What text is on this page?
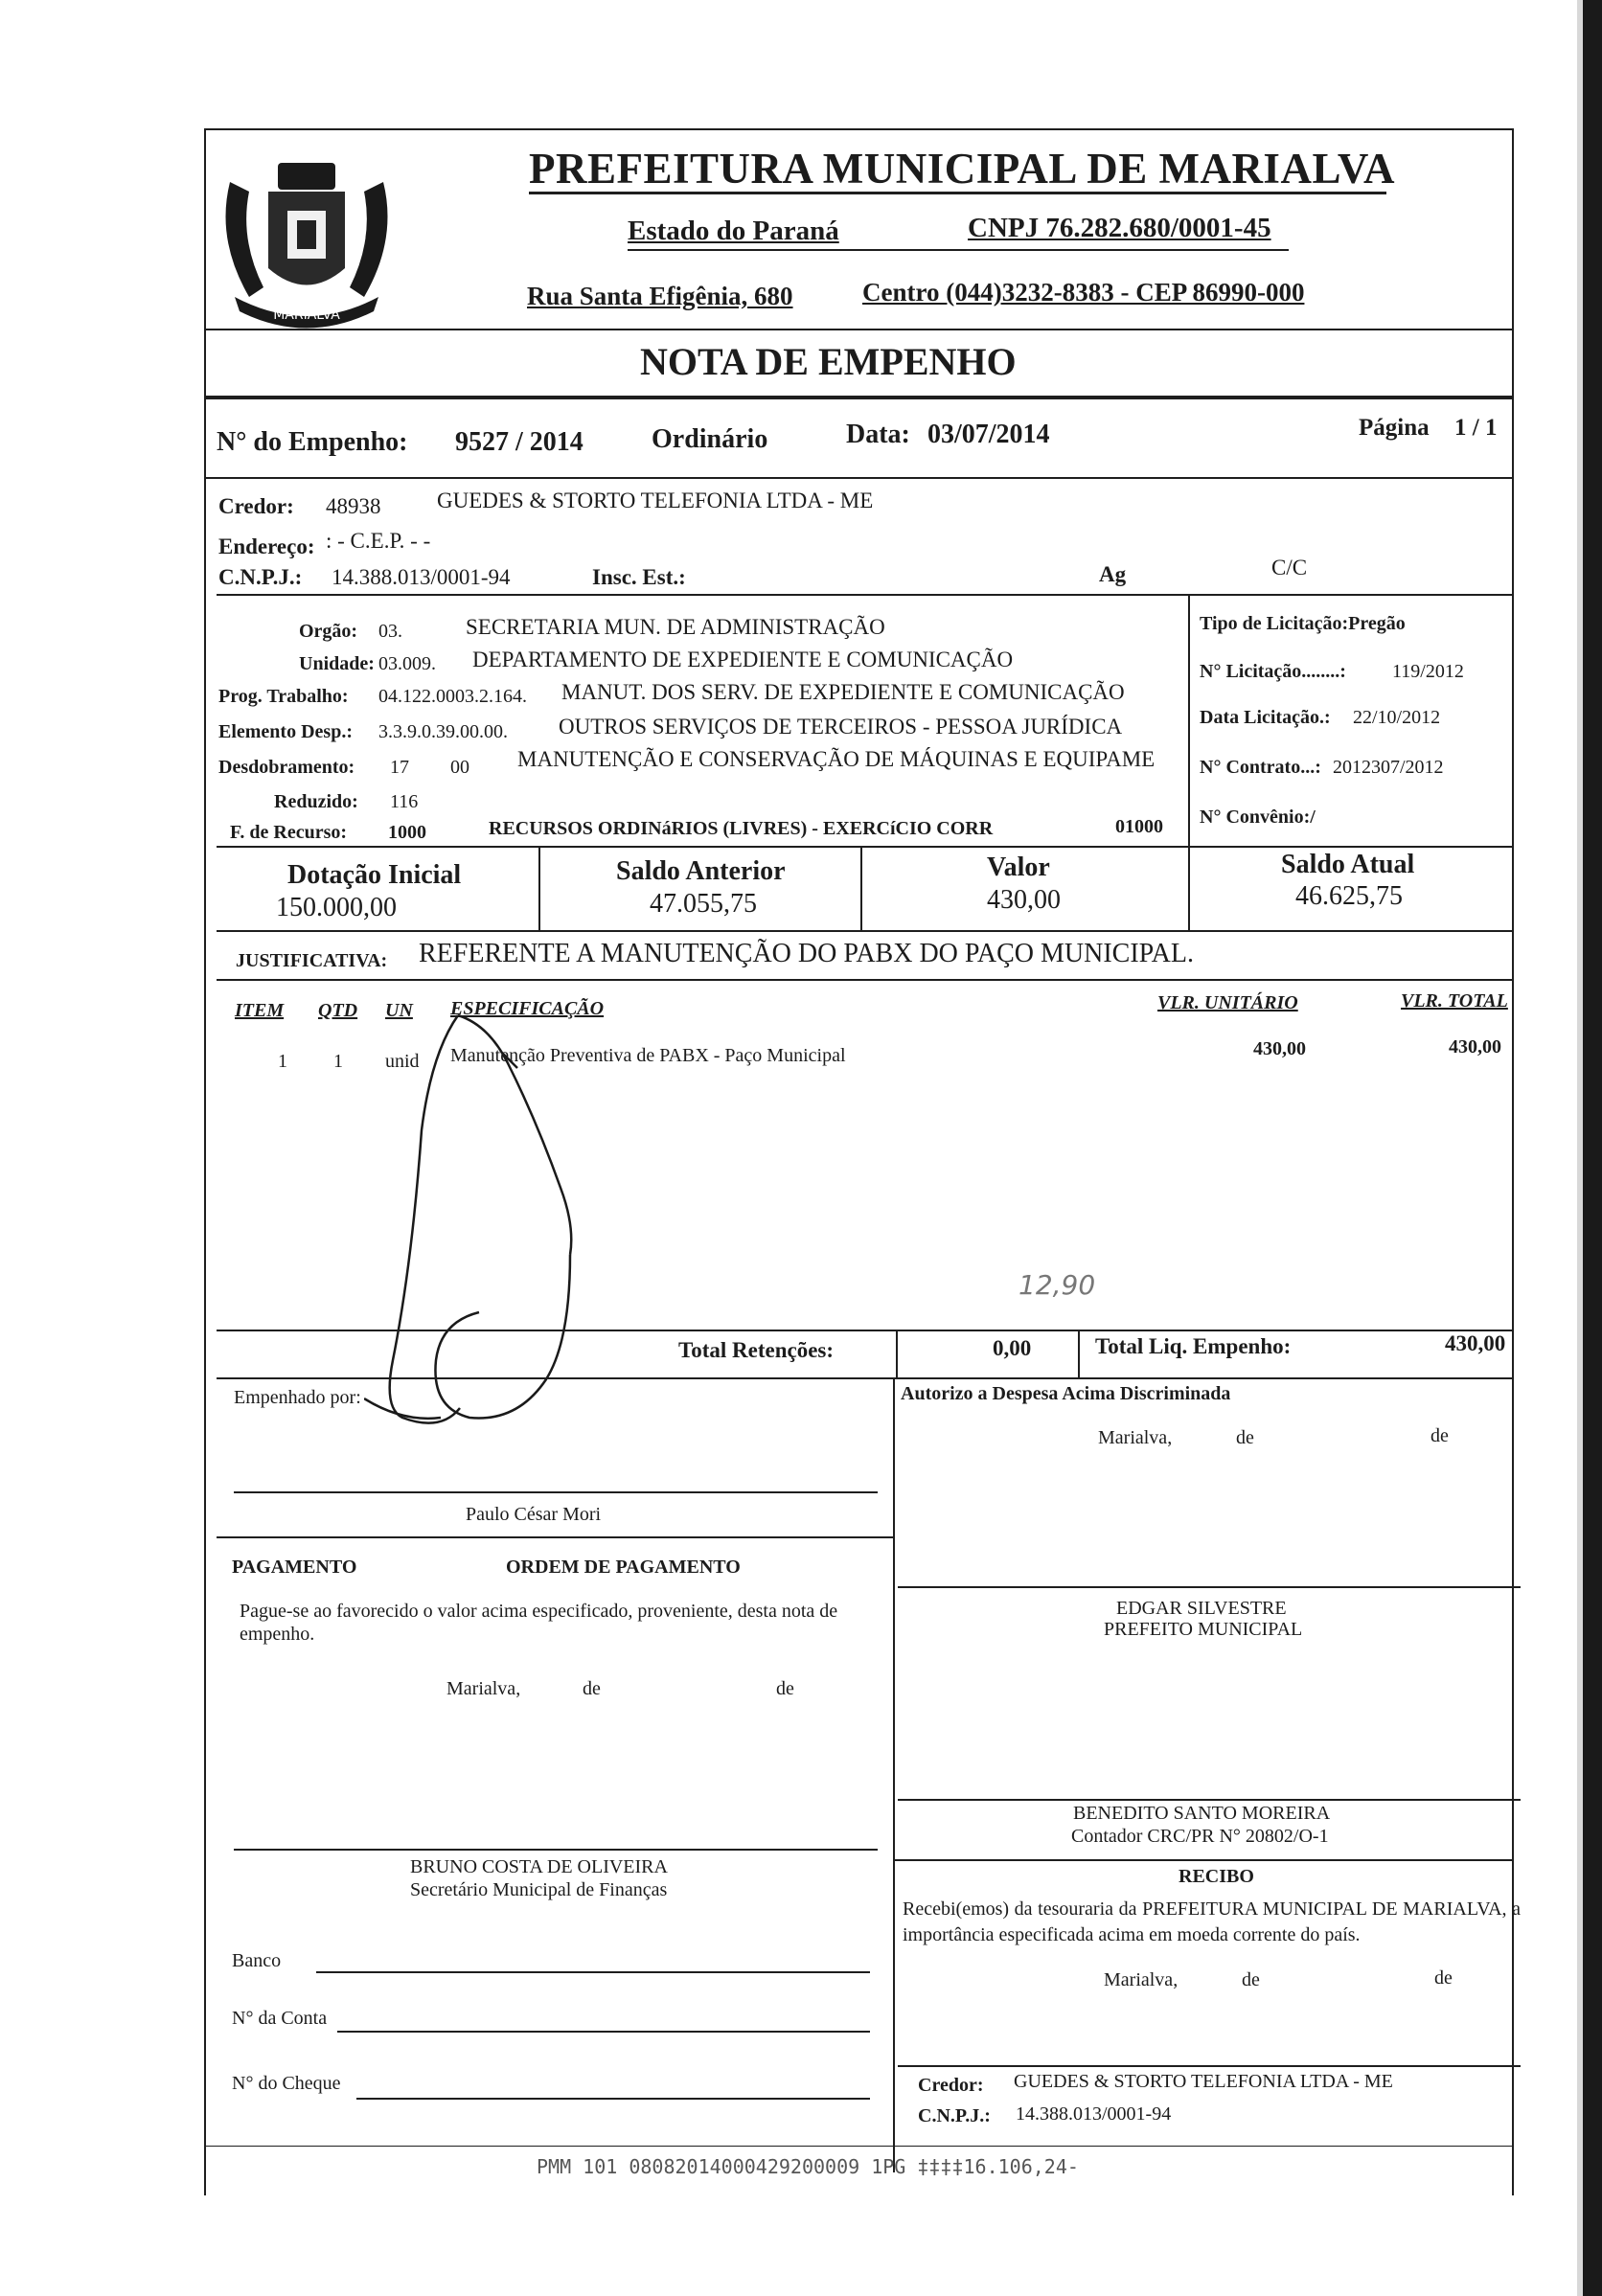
MARIALVA
PREFEITURA MUNICIPAL DE MARIALVA
Estado do Paraná	CNPJ 76.282.680/0001-45
Rua Santa Efigênia, 680	Centro (044)3232-8383 - CEP 86990-000
NOTA DE EMPENHO
N° do Empenho: 9527 / 2014	Ordinário	Data: 03/07/2014	Página 1 / 1
Credor: 48938	GUEDES & STORTO TELEFONIA LTDA - ME
Endereço: : - C.E.P. - -
C.N.P.J.: 14.388.013/0001-94	Insc. Est.:	Ag	C/C
Orgão: 03.	SECRETARIA MUN. DE ADMINISTRAÇÃO
Unidade: 03.009. DEPARTAMENTO DE EXPEDIENTE E COMUNICAÇÃO
Prog. Trabalho: 04.122.0003.2.164. MANUT. DOS SERV. DE EXPEDIENTE E COMUNICAÇÃO
Elemento Desp.: 3.3.9.0.39.00.00. OUTROS SERVIÇOS DE TERCEIROS - PESSOA JURÍDICA
Desdobramento: 17 00 MANUTENÇÃO E CONSERVAÇÃO DE MÁQUINAS E EQUIPAME
Reduzido: 116
F. de Recurso: 1000	RECURSOS ORDINáRIOS (LIVRES) - EXERCíCIO CORR	01000
Tipo de Licitação:Pregão
N° Licitação........: 119/2012
Data Licitação.: 22/10/2012
N° Contrato...: 2012307/2012
N° Convênio:/
Dotação Inicial
150.000,00
Saldo Anterior
47.055,75
Valor
430,00
Saldo Atual
46.625,75
JUSTIFICATIVA: REFERENTE A MANUTENÇÃO DO PABX DO PAÇO MUNICIPAL.
ITEM QTD UN ESPECIFICAÇÃO	VLR. UNITÁRIO	VLR. TOTAL
1 1 unid Manutenção Preventiva de PABX - Paço Municipal	430,00	430,00
12,90
Total Retenções:	0,00	Total Liq. Empenho:	430,00
Empenhado por:
Paulo César Mori
Autorizo a Despesa Acima Discriminada
Marialva,	de	de
EDGAR SILVESTRE
PREFEITO MUNICIPAL
PAGAMENTO	ORDEM DE PAGAMENTO
Pague-se ao favorecido o valor acima especificado, proveniente, desta nota de empenho.
Marialva,	de	de
BRUNO COSTA DE OLIVEIRA
Secretário Municipal de Finanças
BENEDITO SANTO MOREIRA
Contador CRC/PR N° 20802/O-1
RECIBO
Recebi(emos) da tesouraria da PREFEITURA MUNICIPAL DE MARIALVA, a importância especificada acima em moeda corrente do país.
Marialva,	de	de
Credor: GUEDES & STORTO TELEFONIA LTDA - ME
C.N.P.J.: 14.388.013/0001-94
Banco
N° da Conta
N° do Cheque
PMM 101 08082014000429200009 1PG ‡‡‡‡16.106,24-
